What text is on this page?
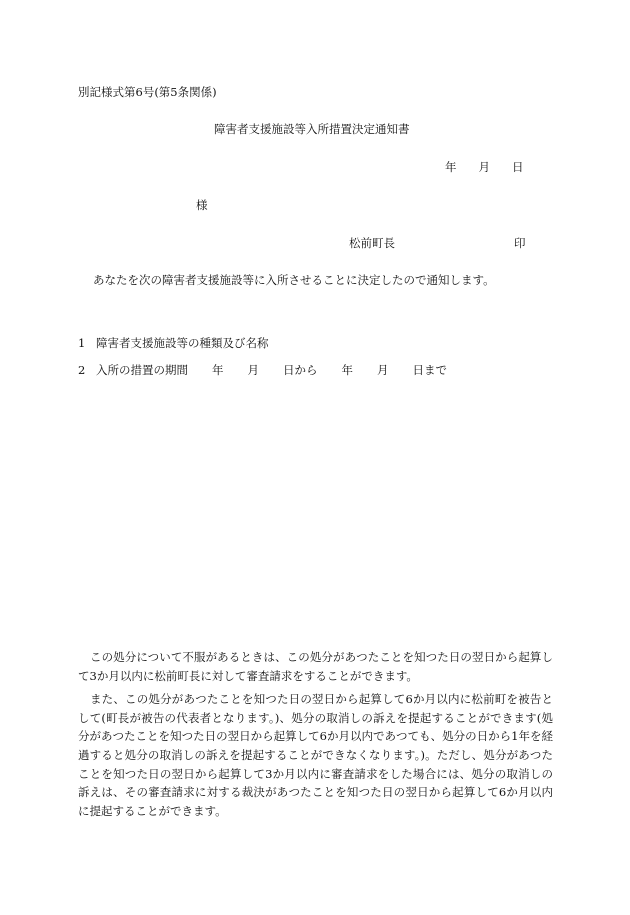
別記様式第6号(第5条関係)
障害者支援施設等入所措置決定通知書
年 月 日
様
松前町長	印
あなたを次の障害者支援施設等に入所させることに決定したので通知します。
1 障害者支援施設等の種類及び名称
2 入所の措置の期間 年 月 日から 年 月 日まで

この処分について不服があるときは、この処分があつたことを知つた日の翌日から起算して3か月以内に松前町長に対して審査請求をすることができます。

また、この処分があつたことを知つた日の翌日から起算して6か月以内に松前町を被告として(町長が被告の代表者となります。)、処分の取消しの訴えを提起することができます(処分があつたことを知つた日の翌日から起算して6か月以内であつても、処分の日から1年を経過すると処分の取消しの訴えを提起することができなくなります。)。ただし、処分があつたことを知つた日の翌日から起算して3か月以内に審査請求をした場合には、処分の取消しの訴えは、その審査請求に対する裁決があつたことを知つた日の翌日から起算して6か月以内に提起することができます。
